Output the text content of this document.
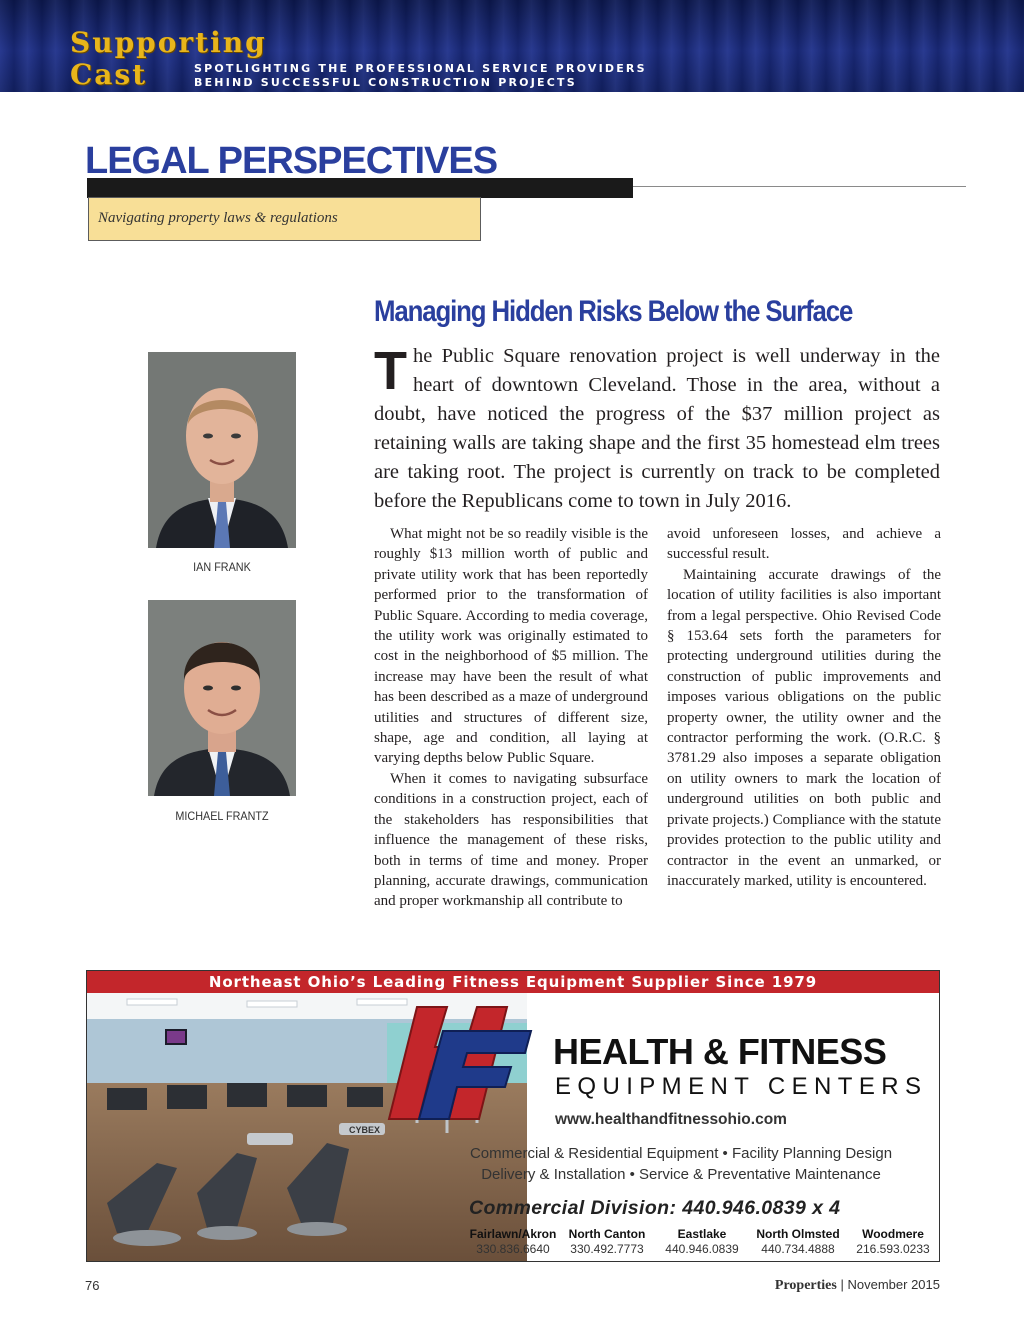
Supporting
Cast	SPOTLIGHTING THE PROFESSIONAL SERVICE PROVIDERS
BEHIND SUCCESSFUL CONSTRUCTION PROJECTS
LEGAL PERSPECTIVES
Navigating property laws & regulations
IAN FRANK
MICHAEL FRANTZ
Managing Hidden Risks Below the Surface
The Public Square renovation project is well underway in the heart of downtown Cleveland. Those in the area, without a doubt, have noticed the progress of the $37 million project as retaining walls are taking shape and the first 35 homestead elm trees are taking root. The project is currently on track to be completed before the Republicans come to town in July 2016.

What might not be so readily visible is the roughly $13 million worth of public and private utility work that has been reportedly performed prior to the transformation of Public Square. According to media coverage, the utility work was originally estimated to cost in the neighborhood of $5 million. The increase may have been the result of what has been described as a maze of underground utilities and structures of different size, shape, age and condition, all laying at varying depths below Public Square.

When it comes to navigating subsurface conditions in a construction project, each of the stakeholders has responsibilities that influence the management of these risks, both in terms of time and money. Proper planning, accurate drawings, communication and proper workmanship all contribute to

avoid unforeseen losses, and achieve a successful result.

Maintaining accurate drawings of the location of utility facilities is also important from a legal perspective. Ohio Revised Code § 153.64 sets forth the parameters for protecting underground utilities during the construction of public improvements and imposes various obligations on the public property owner, the utility owner and the contractor performing the work. (O.R.C. § 3781.29 also imposes a separate obligation on utility owners to mark the location of underground utilities on both public and private projects.) Compliance with the statute provides protection to the public utility and contractor in the event an unmarked, or inaccurately marked, utility is encountered.

Northeast Ohio’s Leading Fitness Equipment Supplier Since 1979
CYBEX
HEALTH & FITNESS
EQUIPMENT CENTERS
www.healthandfitnessohio.com
Commercial & Residential Equipment • Facility Planning Design
Delivery & Installation • Service & Preventative Maintenance
Commercial Division: 440.946.0839 x 4
Fairlawn/Akron
330.836.6640
North Canton
330.492.7773
Eastlake
440.946.0839
North Olmsted
440.734.4888
Woodmere
216.593.0233
76	Properties | November 2015
